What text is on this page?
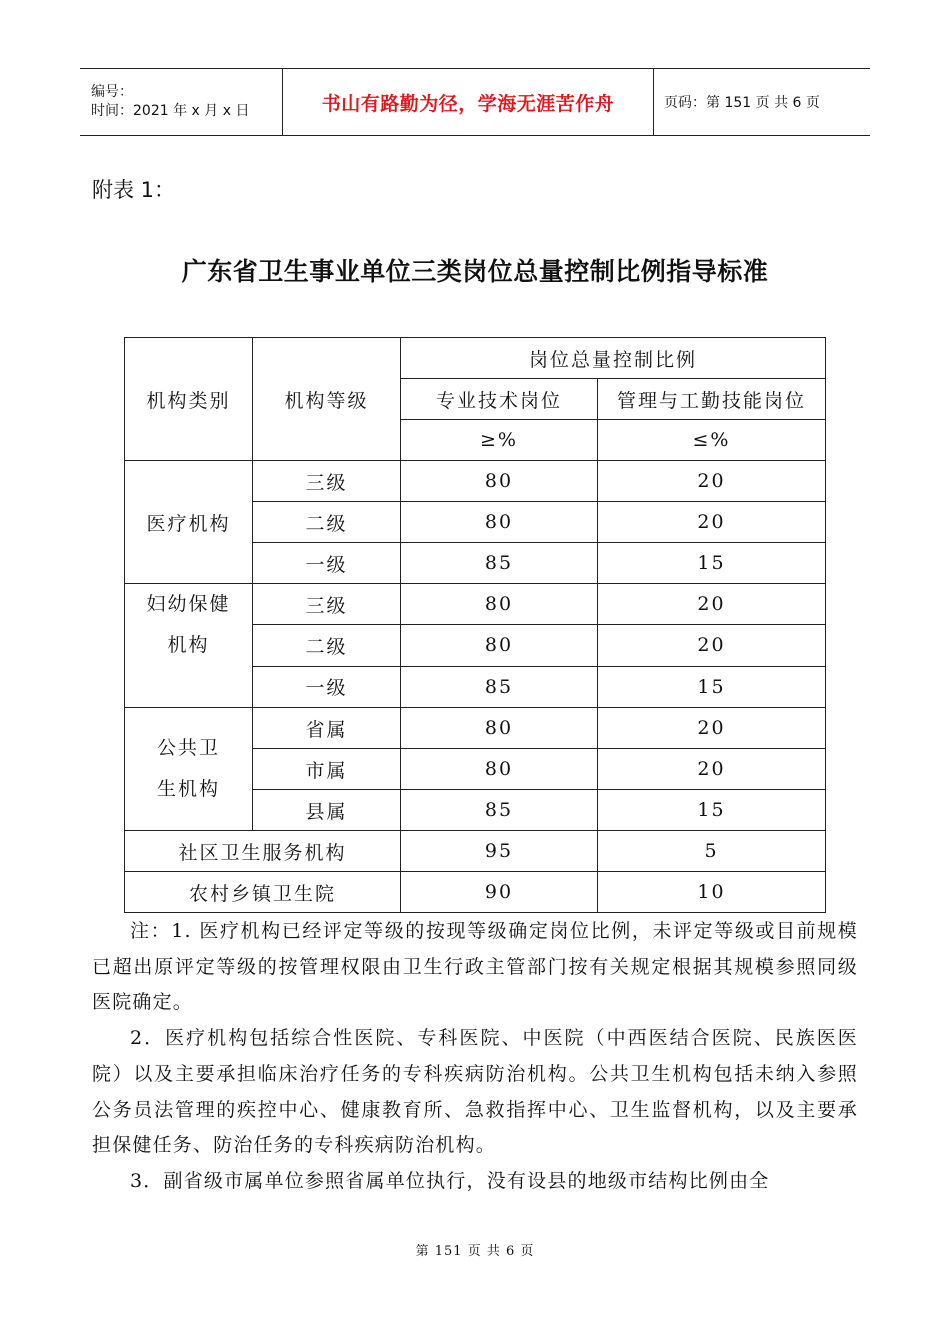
编号：
时间：2021 年 x 月 x 日	书山有路勤为径，学海无涯苦作舟	页码：第 151 页 共 6 页
附表 1：
广东省卫生事业单位三类岗位总量控制比例指导标准
机构类别	机构等级	岗位总量控制比例	
		专业技术岗位	管理与工勤技能岗位
		≥%	≤%
医疗机构	三级	80	20
	二级	80	20
	一级	85	15

妇幼保健
机构	三级	80	20
	二级	80	20
	一级	85	15

公共卫
生机构	省属	80	20
	市属	80	20
	县属	85	15
社区卫生服务机构		95	5
农村乡镇卫生院		90	10

注：1. 医疗机构已经评定等级的按现等级确定岗位比例，未评定等级或目前规模已超出原评定等级的按管理权限由卫生行政主管部门按有关规定根据其规模参照同级医院确定。

2．医疗机构包括综合性医院、专科医院、中医院（中西医结合医院、民族医医院）以及主要承担临床治疗任务的专科疾病防治机构。公共卫生机构包括未纳入参照公务员法管理的疾控中心、健康教育所、急救指挥中心、卫生监督机构，以及主要承担保健任务、防治任务的专科疾病防治机构。

3．副省级市属单位参照省属单位执行，没有设县的地级市结构比例由全

第 151 页 共 6 页
